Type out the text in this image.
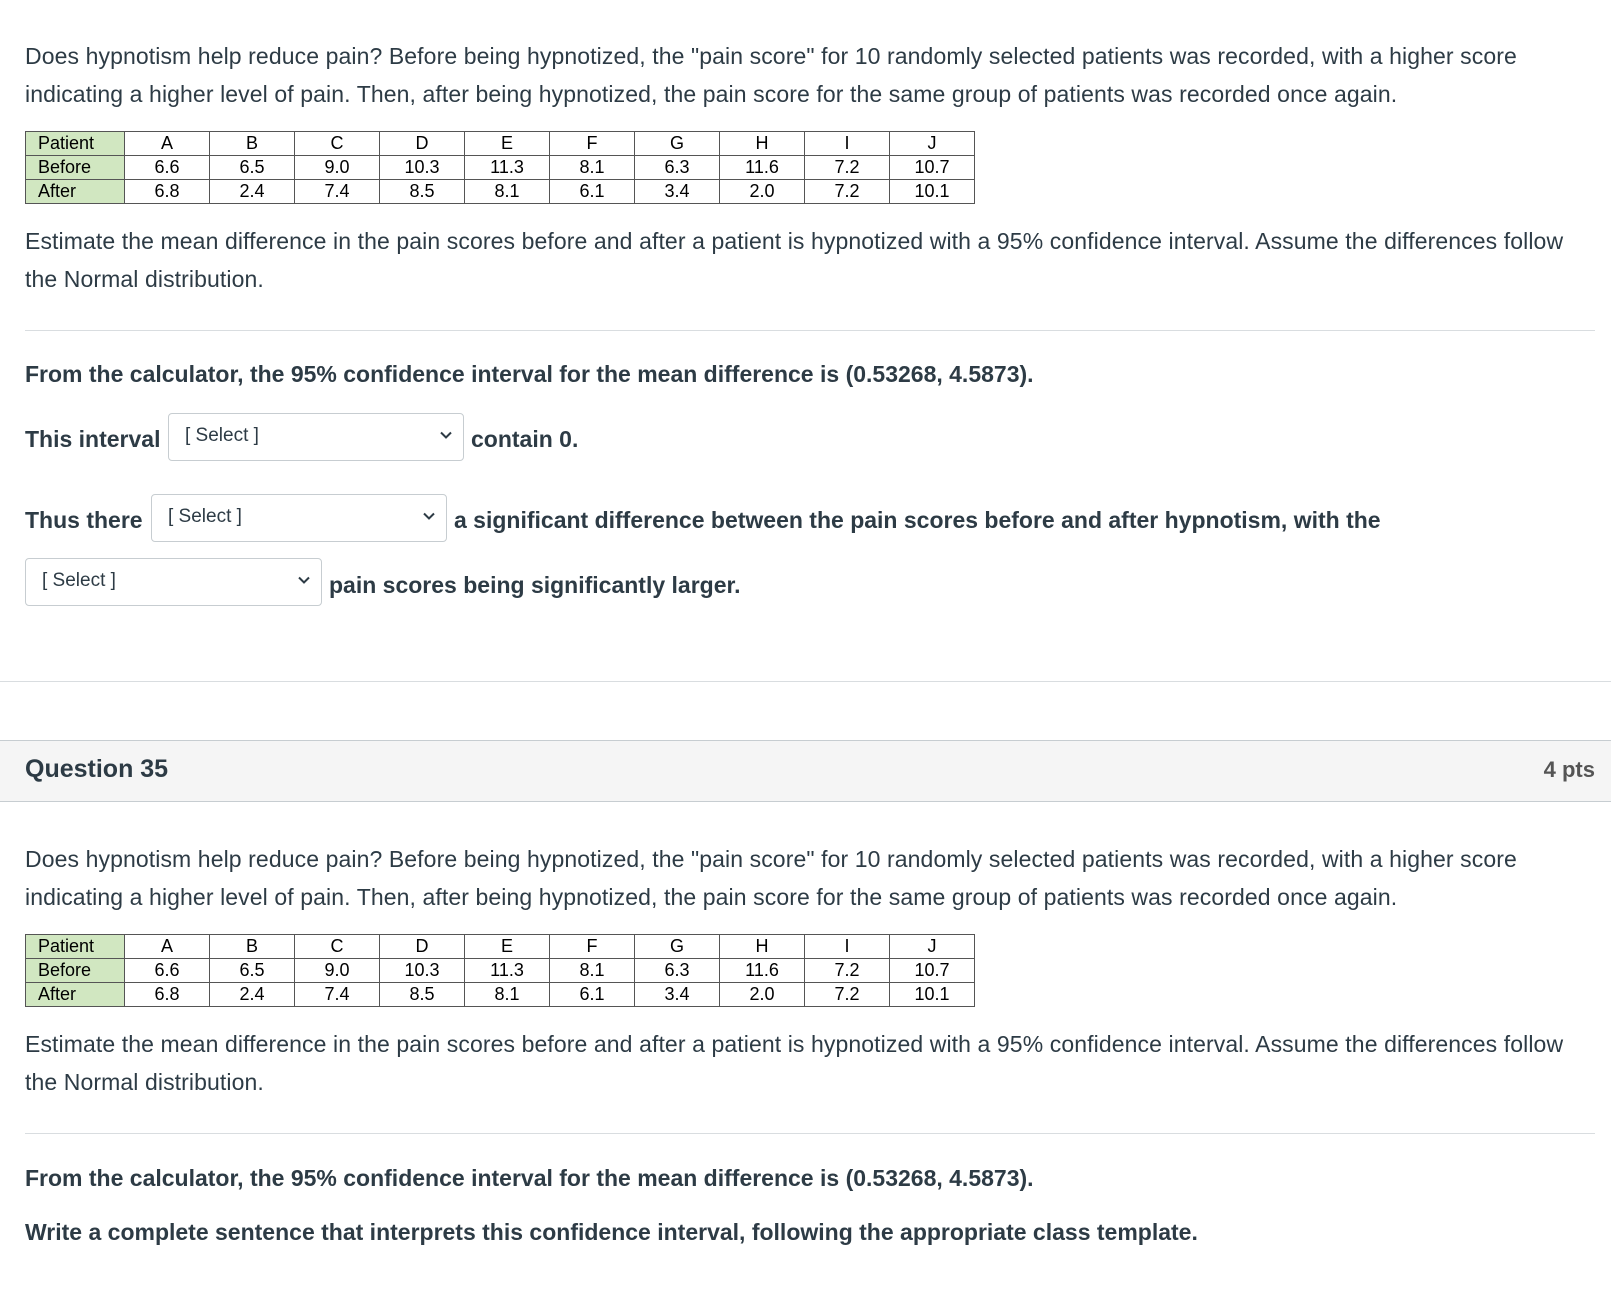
Does hypnotism help reduce pain? Before being hypnotized, the "pain score" for 10 randomly selected patients was recorded, with a higher score indicating a higher level of pain. Then, after being hypnotized, the pain score for the same group of patients was recorded once again.

Patient	A	B	C	D	E	F	G	H	I	J
Before	6.6	6.5	9.0	10.3	11.3	8.1	6.3	11.6	7.2	10.7
After	6.8	2.4	7.4	8.5	8.1	6.1	3.4	2.0	7.2	10.1

Estimate the mean difference in the pain scores before and after a patient is hypnotized with a 95% confidence interval. Assume the differences follow the Normal distribution.

From the calculator, the 95% confidence interval for the mean difference is (0.53268, 4.5873).
This interval	[ Select ]	contain 0.
Thus there	[ Select ]	a significant difference between the pain scores before and after hypnotism, with the
[ Select ]	pain scores being significantly larger.
Question 35	4 pts

Does hypnotism help reduce pain? Before being hypnotized, the "pain score" for 10 randomly selected patients was recorded, with a higher score indicating a higher level of pain. Then, after being hypnotized, the pain score for the same group of patients was recorded once again.

Patient	A	B	C	D	E	F	G	H	I	J
Before	6.6	6.5	9.0	10.3	11.3	8.1	6.3	11.6	7.2	10.7
After	6.8	2.4	7.4	8.5	8.1	6.1	3.4	2.0	7.2	10.1

Estimate the mean difference in the pain scores before and after a patient is hypnotized with a 95% confidence interval. Assume the differences follow the Normal distribution.

From the calculator, the 95% confidence interval for the mean difference is (0.53268, 4.5873).
Write a complete sentence that interprets this confidence interval, following the appropriate class template.
